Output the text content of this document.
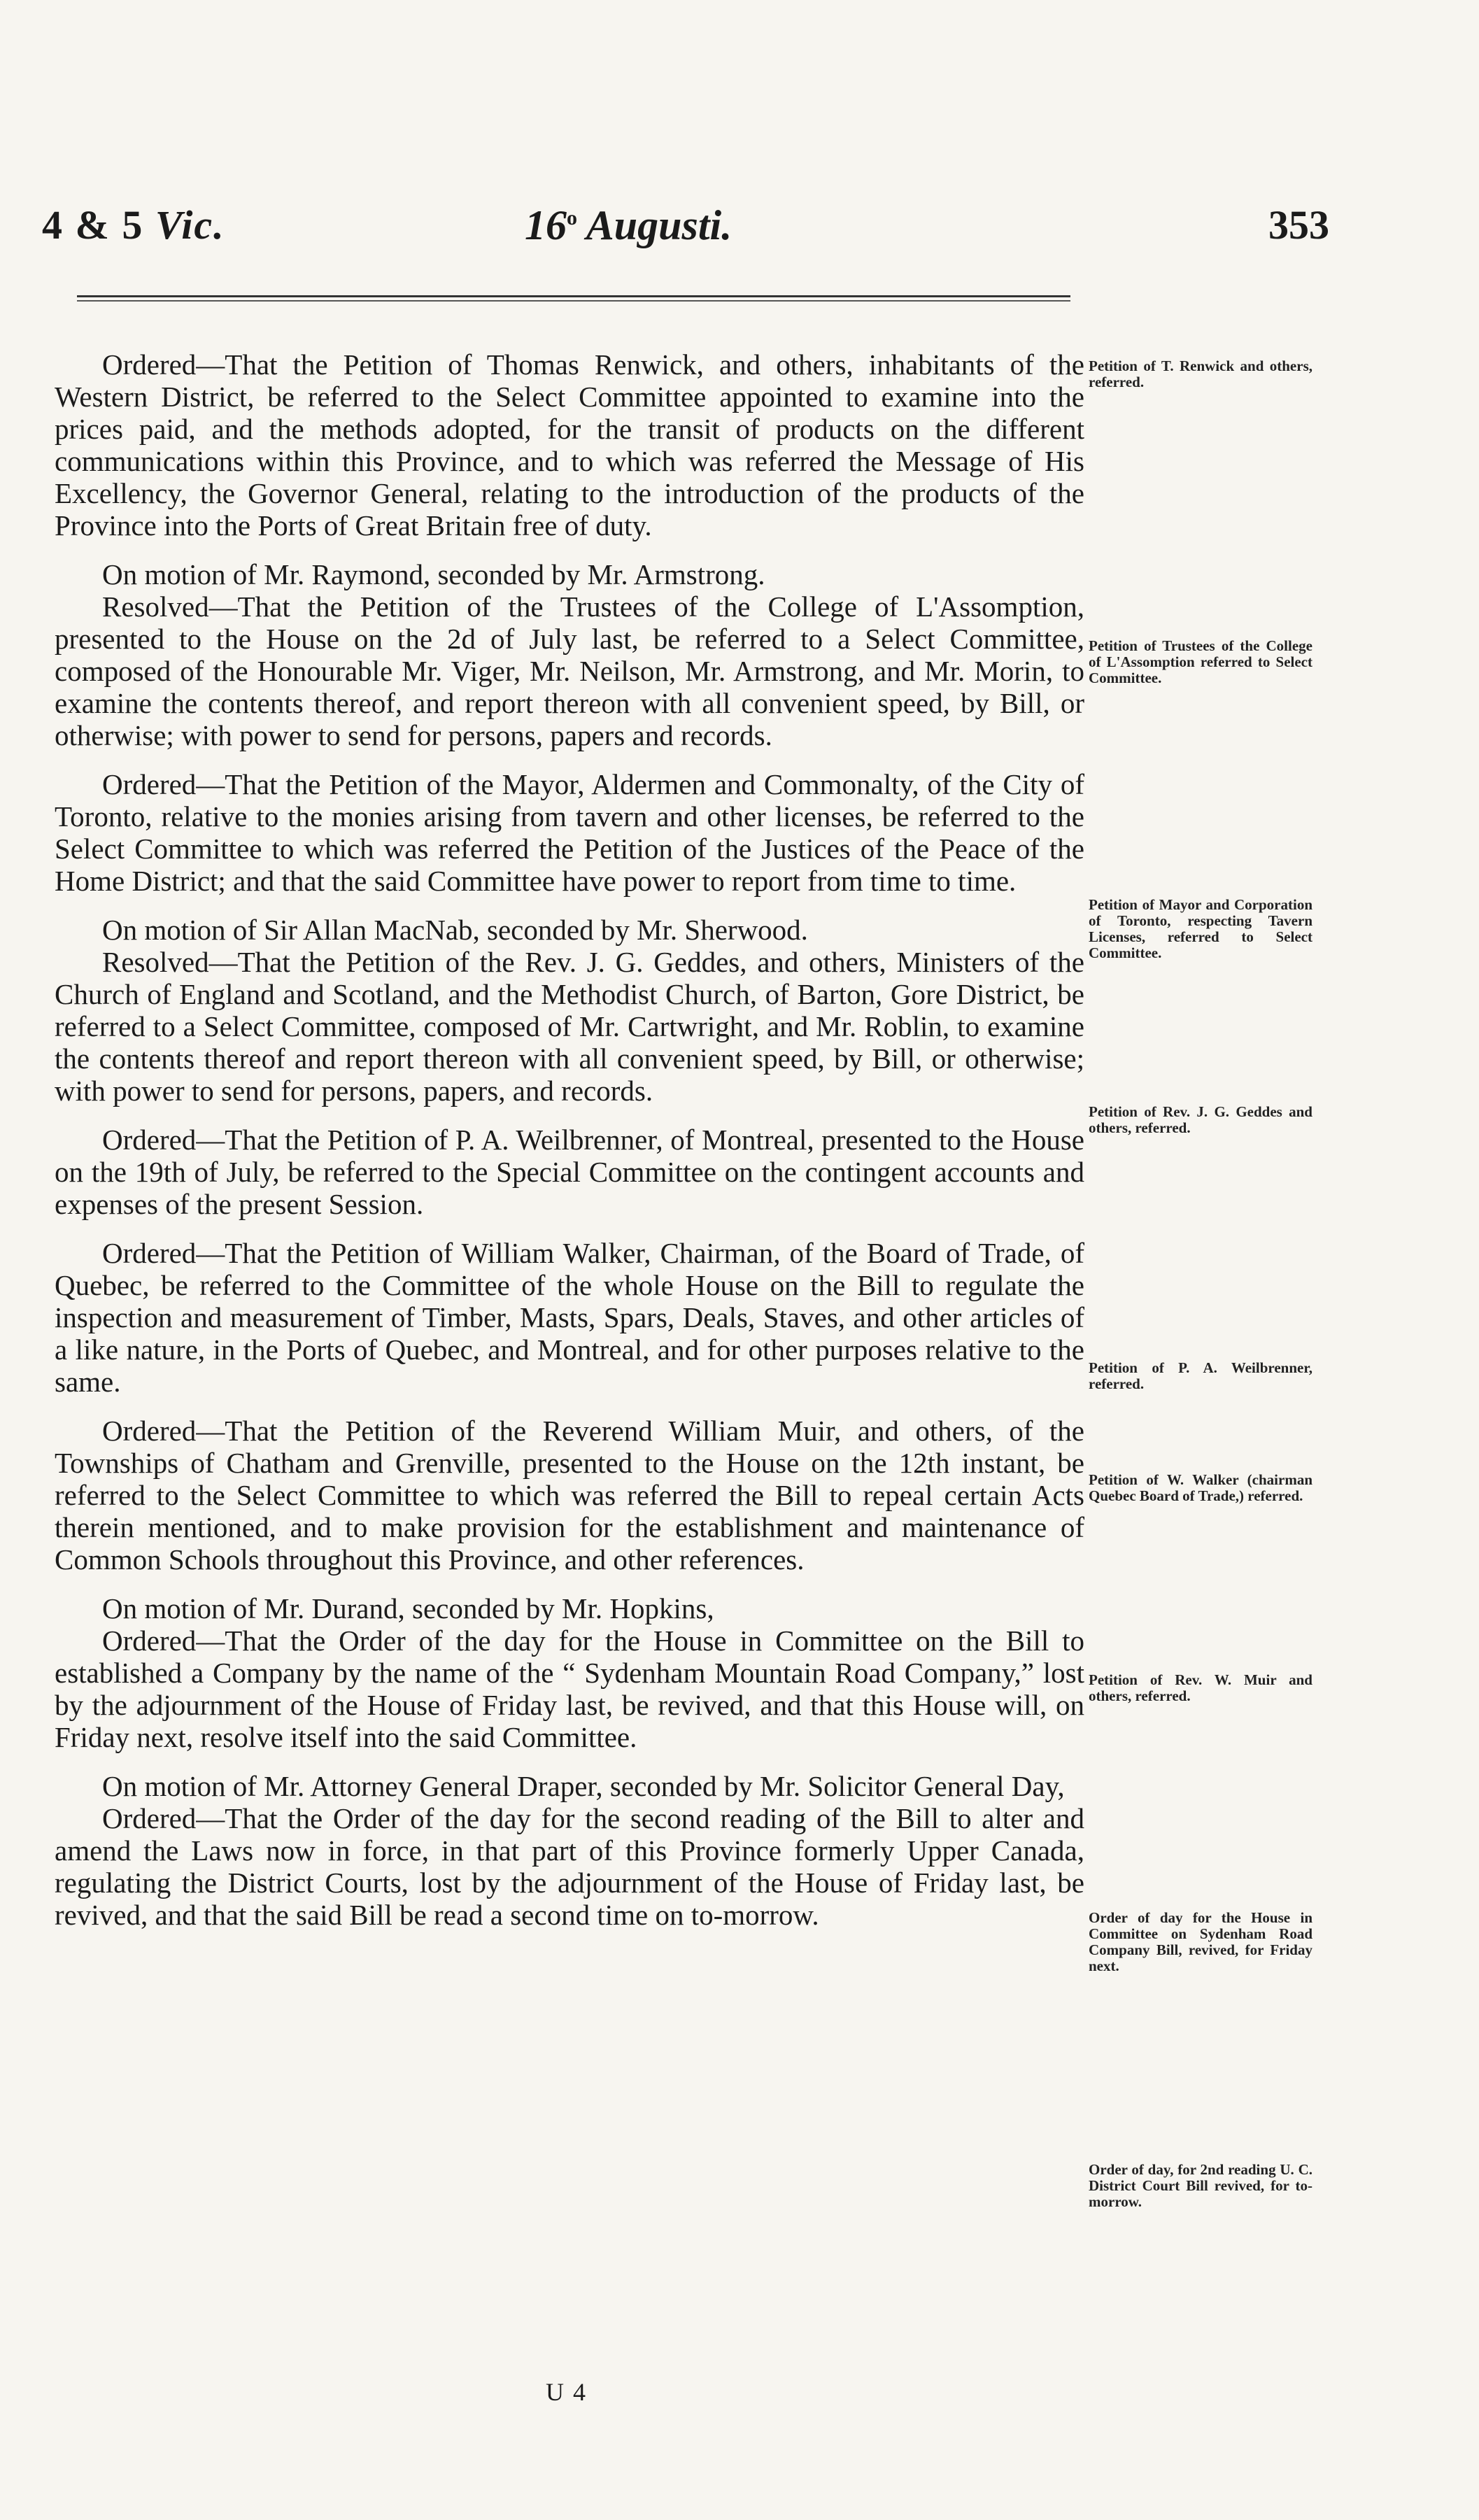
4 & 5 Vic.	16$^o$ Augusti.	353

Ordered—That the Petition of Thomas Renwick, and others, inhabitants of the Western District, be referred to the Select Committee appointed to examine into the prices paid, and the methods adopted, for the transit of products on the different communications within this Province, and to which was referred the Message of His Excellency, the Governor General, relating to the introduction of the products of the Province into the Ports of Great Britain free of duty.

On motion of Mr. Raymond, seconded by Mr. Armstrong.

Resolved—That the Petition of the Trustees of the College of L'Assomption, presented to the House on the 2d of July last, be referred to a Select Committee, composed of the Honourable Mr. Viger, Mr. Neilson, Mr. Armstrong, and Mr. Morin, to examine the contents thereof, and report thereon with all convenient speed, by Bill, or otherwise; with power to send for persons, papers and records.

Ordered—That the Petition of the Mayor, Aldermen and Commonalty, of the City of Toronto, relative to the monies arising from tavern and other licenses, be referred to the Select Committee to which was referred the Petition of the Justices of the Peace of the Home District; and that the said Committee have power to report from time to time.

On motion of Sir Allan MacNab, seconded by Mr. Sherwood.

Resolved—That the Petition of the Rev. J. G. Geddes, and others, Ministers of the Church of England and Scotland, and the Methodist Church, of Barton, Gore District, be referred to a Select Committee, composed of Mr. Cartwright, and Mr. Roblin, to examine the contents thereof and report thereon with all convenient speed, by Bill, or otherwise; with power to send for persons, papers, and records.

Ordered—That the Petition of P. A. Weilbrenner, of Montreal, presented to the House on the 19th of July, be referred to the Special Committee on the contingent accounts and expenses of the present Session.

Ordered—That the Petition of William Walker, Chairman, of the Board of Trade, of Quebec, be referred to the Committee of the whole House on the Bill to regulate the inspection and measurement of Timber, Masts, Spars, Deals, Staves, and other articles of a like nature, in the Ports of Quebec, and Montreal, and for other purposes relative to the same.

Ordered—That the Petition of the Reverend William Muir, and others, of the Townships of Chatham and Grenville, presented to the House on the 12th instant, be referred to the Select Committee to which was referred the Bill to repeal certain Acts therein mentioned, and to make provision for the establishment and maintenance of Common Schools throughout this Province, and other references.

On motion of Mr. Durand, seconded by Mr. Hopkins,

Ordered—That the Order of the day for the House in Committee on the Bill to established a Company by the name of the “ Sydenham Mountain Road Company,” lost by the adjournment of the House of Friday last, be revived, and that this House will, on Friday next, resolve itself into the said Committee.

On motion of Mr. Attorney General Draper, seconded by Mr. Solicitor General Day,

Ordered—That the Order of the day for the second reading of the Bill to alter and amend the Laws now in force, in that part of this Province formerly Upper Canada, regulating the District Courts, lost by the adjournment of the House of Friday last, be revived, and that the said Bill be read a second time on to-morrow.

Petition of T. Renwick and others, referred.
Petition of Trustees of the College of L'Assomption referred to Select Committee.
Petition of Mayor and Corporation of Toronto, respecting Tavern Licenses, referred to Select Committee.
Petition of Rev. J. G. Geddes and others, referred.
Petition of P. A. Weilbrenner, referred.
Petition of W. Walker (chairman Quebec Board of Trade,) referred.
Petition of Rev. W. Muir and others, referred.
Order of day for the House in Committee on Sydenham Road Company Bill, revived, for Friday next.
Order of day, for 2nd reading U. C. District Court Bill revived, for to-morrow.
U 4
